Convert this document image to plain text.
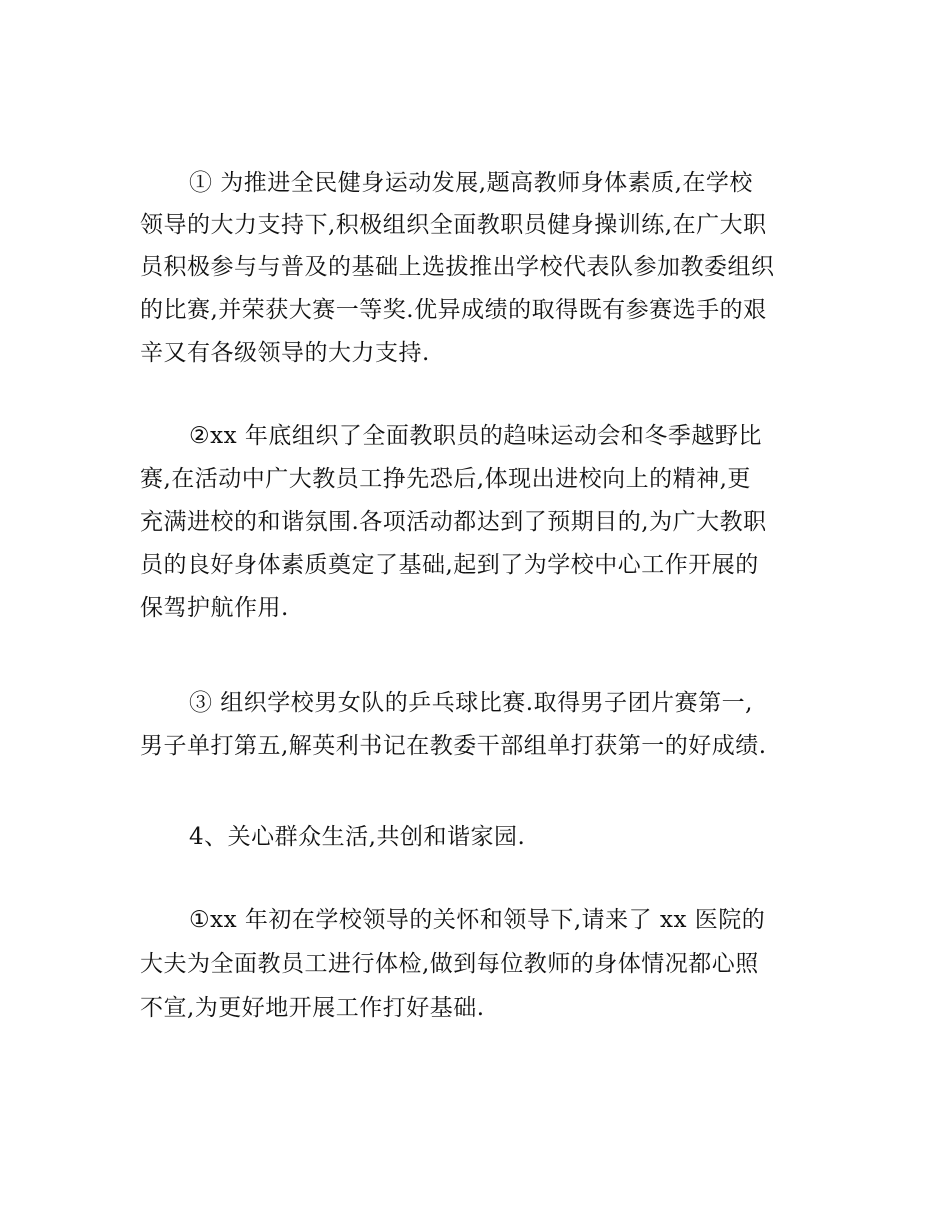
① 为推进全民健身运动发展,题高教师身体素质,在学校
领导的大力支持下,积极组织全面教职员健身操训练,在广大职
员积极参与与普及的基础上选拔推出学校代表队参加教委组织
的比赛,并荣获大赛一等奖.优异成绩的取得既有参赛选手的艰
辛又有各级领导的大力支持.
②xx 年底组织了全面教职员的趋味运动会和冬季越野比
赛,在活动中广大教员工挣先恐后,体现出进校向上的精神,更
充满进校的和谐氛围.各项活动都达到了预期目的,为广大教职
员的良好身体素质奠定了基础,起到了为学校中心工作开展的
保驾护航作用.
③ 组织学校男女队的乒乓球比赛.取得男子团片赛第一,
男子单打第五,解英利书记在教委干部组单打获第一的好成绩.
4、关心群众生活,共创和谐家园.
①xx 年初在学校领导的关怀和领导下,请来了 xx 医院的
大夫为全面教员工进行体检,做到每位教师的身体情况都心照
不宣,为更好地开展工作打好基础.
